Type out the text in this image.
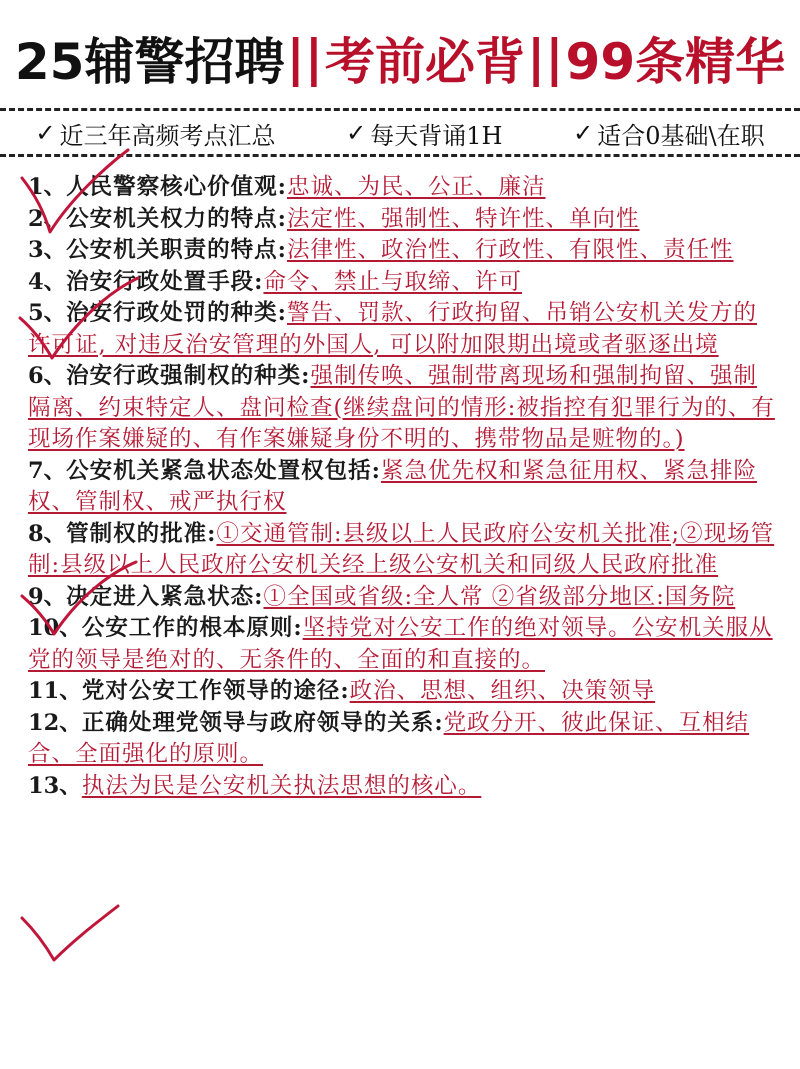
25辅警招聘 || 考前必背 || 99条精华
✓ 近三年高频考点汇总	✓ 每天背诵1H	✓ 适合0基础\在职

1、人民警察核心价值观:忠诚、为民、公正、廉洁

2、公安机关权力的特点:法定性、强制性、特许性、单向性

3、公安机关职责的特点:法律性、政治性、行政性、有限性、责任性

4、治安行政处置手段:命令、禁止与取缔、许可

5、治安行政处罚的种类:警告、罚款、行政拘留、吊销公安机关发方的许可证, 对违反治安管理的外国人, 可以附加限期出境或者驱逐出境

6、治安行政强制权的种类:强制传唤、强制带离现场和强制拘留、强制隔离、约束特定人、盘问检查(继续盘问的情形:被指控有犯罪行为的、有现场作案嫌疑的、有作案嫌疑身份不明的、携带物品是赃物的。)

7、公安机关紧急状态处置权包括:紧急优先权和紧急征用权、紧急排险权、管制权、戒严执行权

8、管制权的批准:①交通管制:县级以上人民政府公安机关批准;②现场管制:县级以上人民政府公安机关经上级公安机关和同级人民政府批准

9、决定进入紧急状态:①全国或省级:全人常 ②省级部分地区:国务院

10、公安工作的根本原则:坚持党对公安工作的绝对领导。公安机关服从党的领导是绝对的、无条件的、全面的和直接的。

11、党对公安工作领导的途径:政治、思想、组织、决策领导

12、正确处理党领导与政府领导的关系:党政分开、彼此保证、互相结合、全面强化的原则。

13、执法为民是公安机关执法思想的核心。
